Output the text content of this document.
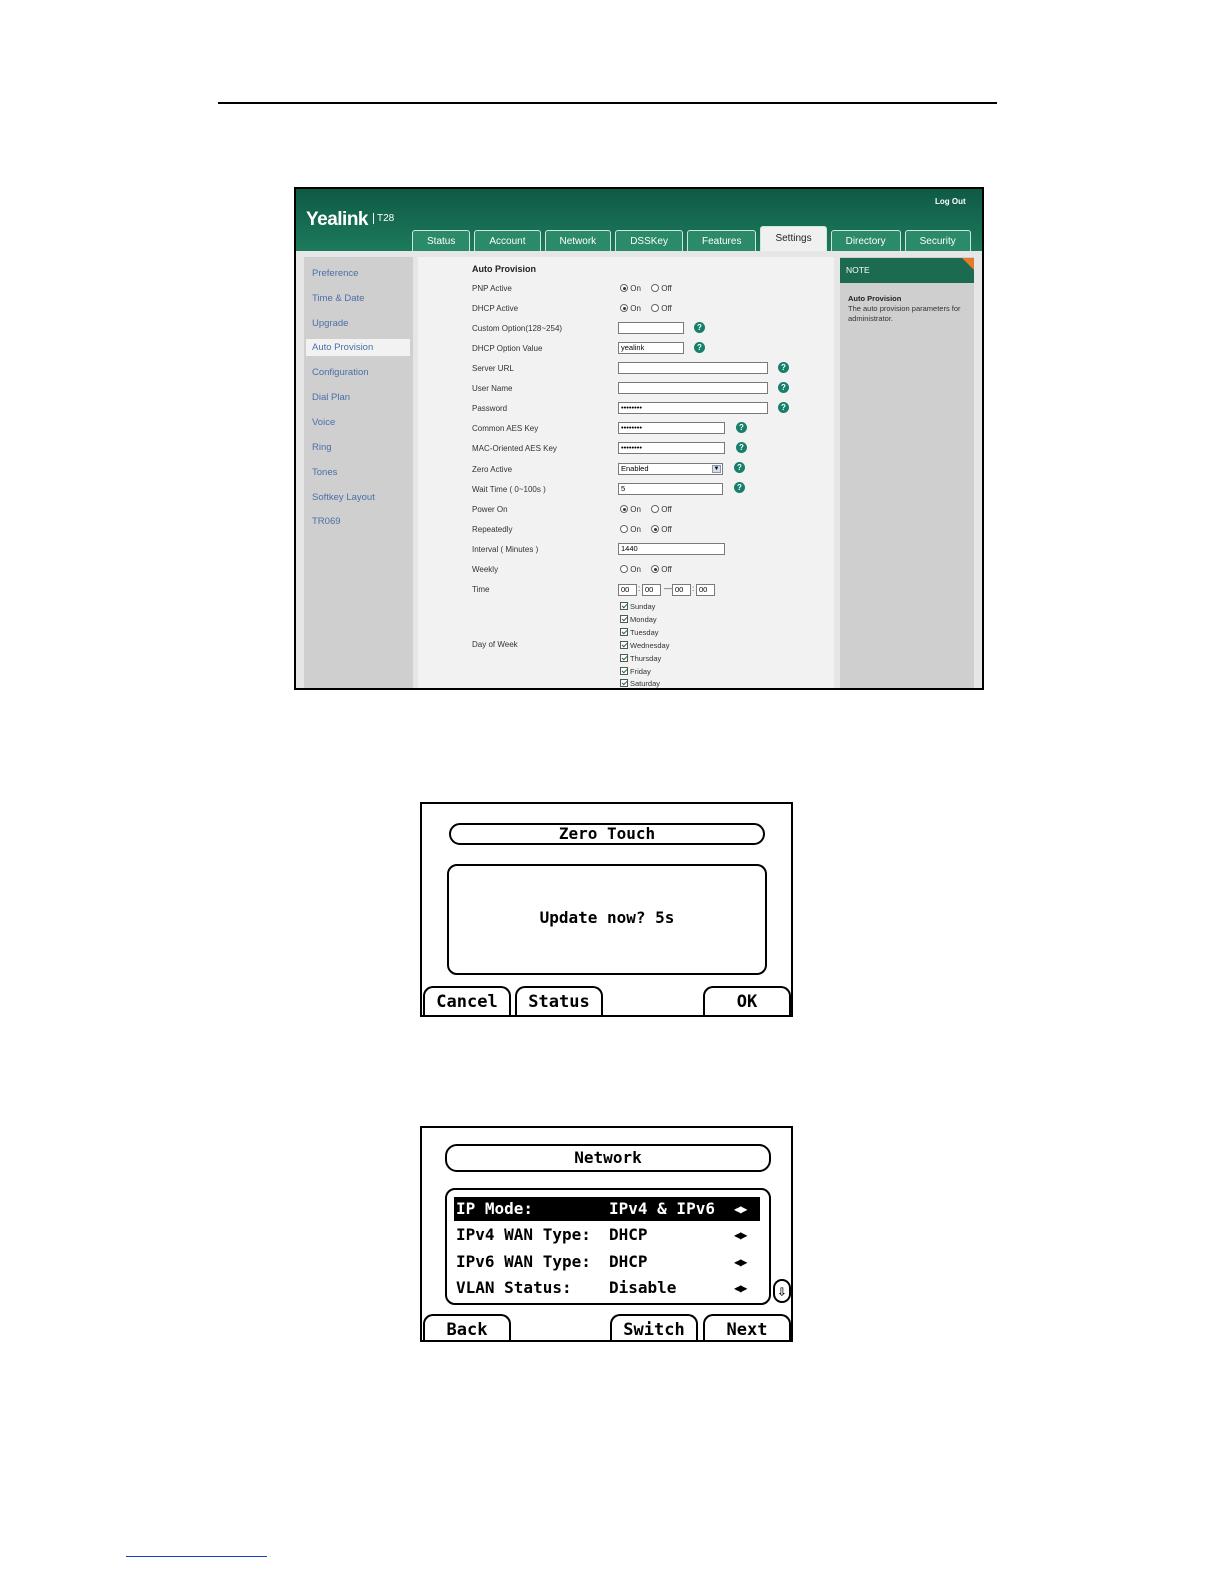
Yealink T28
Log Out
Status	Account	Network	DSSKey	Features	Settings	Directory	Security
Preference
Time & Date
Upgrade
Auto Provision
Configuration
Dial Plan
Voice
Ring
Tones
Softkey Layout
TR069
Auto Provision
PNP Active	On	Off
DHCP Active	On	Off
Custom Option(128~254)	?
DHCP Option Value	yealink	?
Server URL	?
User Name	?
Password	••••••••	?
Common AES Key	••••••••	?
MAC-Oriented AES Key	••••••••	?
Zero Active	Enabled	▼	?
Wait Time ( 0~100s )	5	?
Power On	On	Off
Repeatedly	On	Off
Interval ( Minutes )	1440
Weekly	On	Off
Time	00	: 00	— 00	: 00
Day of Week
Sunday
Monday
Tuesday
Wednesday
Thursday
Friday
Saturday
NOTE
Auto Provision
The auto provision parameters for administrator.
Zero Touch
Update now? 5s
Cancel	Status	OK
Network
IP Mode:	IPv4 & IPv6 ◀▶
IPv4 WAN Type: DHCP	◀▶
IPv6 WAN Type: DHCP	◀▶
VLAN Status: Disable	◀▶ ⇩
Back	Switch	Next
